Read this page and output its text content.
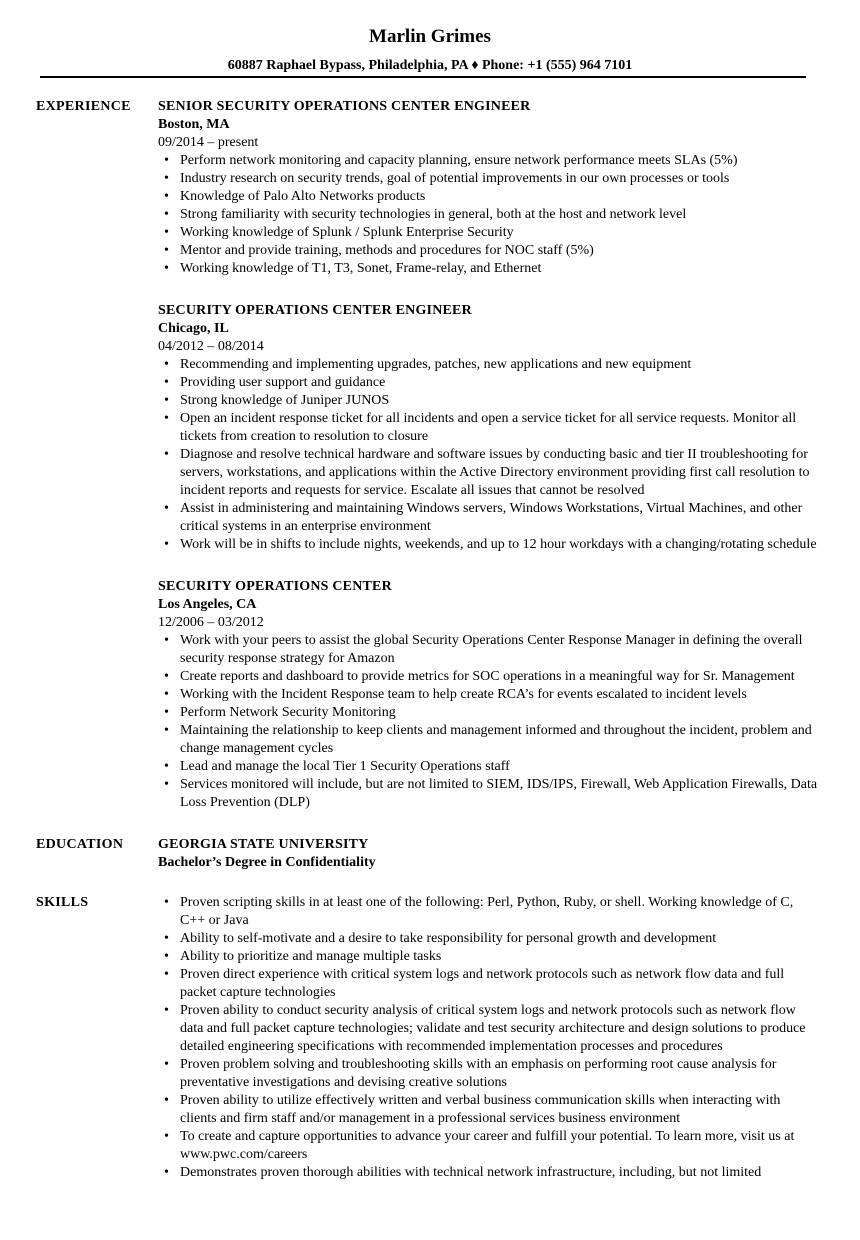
Marlin Grimes
60887 Raphael Bypass, Philadelphia, PA ♦ Phone: +1 (555) 964 7101
EXPERIENCE SENIOR SECURITY OPERATIONS CENTER ENGINEER
Boston, MA
09/2014 – present
• Perform network monitoring and capacity planning, ensure network performance meets SLAs (5%)
• Industry research on security trends, goal of potential improvements in our own processes or tools
• Knowledge of Palo Alto Networks products
• Strong familiarity with security technologies in general, both at the host and network level
• Working knowledge of Splunk / Splunk Enterprise Security
• Mentor and provide training, methods and procedures for NOC staff (5%)
• Working knowledge of T1, T3, Sonet, Frame-relay, and Ethernet
SECURITY OPERATIONS CENTER ENGINEER
Chicago, IL
04/2012 – 08/2014
• Recommending and implementing upgrades, patches, new applications and new equipment
• Providing user support and guidance
• Strong knowledge of Juniper JUNOS
• Open an incident response ticket for all incidents and open a service ticket for all service requests. Monitor all tickets from creation to resolution to closure
• Diagnose and resolve technical hardware and software issues by conducting basic and tier II troubleshooting for servers, workstations, and applications within the Active Directory environment providing first call resolution to incident reports and requests for service. Escalate all issues that cannot be resolved
• Assist in administering and maintaining Windows servers, Windows Workstations, Virtual Machines, and other critical systems in an enterprise environment
• Work will be in shifts to include nights, weekends, and up to 12 hour workdays with a changing/rotating schedule
SECURITY OPERATIONS CENTER
Los Angeles, CA
12/2006 – 03/2012
• Work with your peers to assist the global Security Operations Center Response Manager in defining the overall security response strategy for Amazon
• Create reports and dashboard to provide metrics for SOC operations in a meaningful way for Sr. Management
• Working with the Incident Response team to help create RCA’s for events escalated to incident levels
• Perform Network Security Monitoring
• Maintaining the relationship to keep clients and management informed and throughout the incident, problem and change management cycles
• Lead and manage the local Tier 1 Security Operations staff
• Services monitored will include, but are not limited to SIEM, IDS/IPS, Firewall, Web Application Firewalls, Data Loss Prevention (DLP)
EDUCATION GEORGIA STATE UNIVERSITY
Bachelor’s Degree in Confidentiality
SKILLS
•	Proven scripting skills in at least one of the following: Perl, Python, Ruby, or shell. Working knowledge of C, C++ or Java
• Ability to self-motivate and a desire to take responsibility for personal growth and development
• Ability to prioritize and manage multiple tasks
• Proven direct experience with critical system logs and network protocols such as network flow data and full packet capture technologies
• Proven ability to conduct security analysis of critical system logs and network protocols such as network flow data and full packet capture technologies; validate and test security architecture and design solutions to produce detailed engineering specifications with recommended implementation processes and procedures
• Proven problem solving and troubleshooting skills with an emphasis on performing root cause analysis for preventative investigations and devising creative solutions
• Proven ability to utilize effectively written and verbal business communication skills when interacting with clients and firm staff and/or management in a professional services business environment
• To create and capture opportunities to advance your career and fulfill your potential. To learn more, visit us at www.pwc.com/careers
• Demonstrates proven thorough abilities with technical network infrastructure, including, but not limited
